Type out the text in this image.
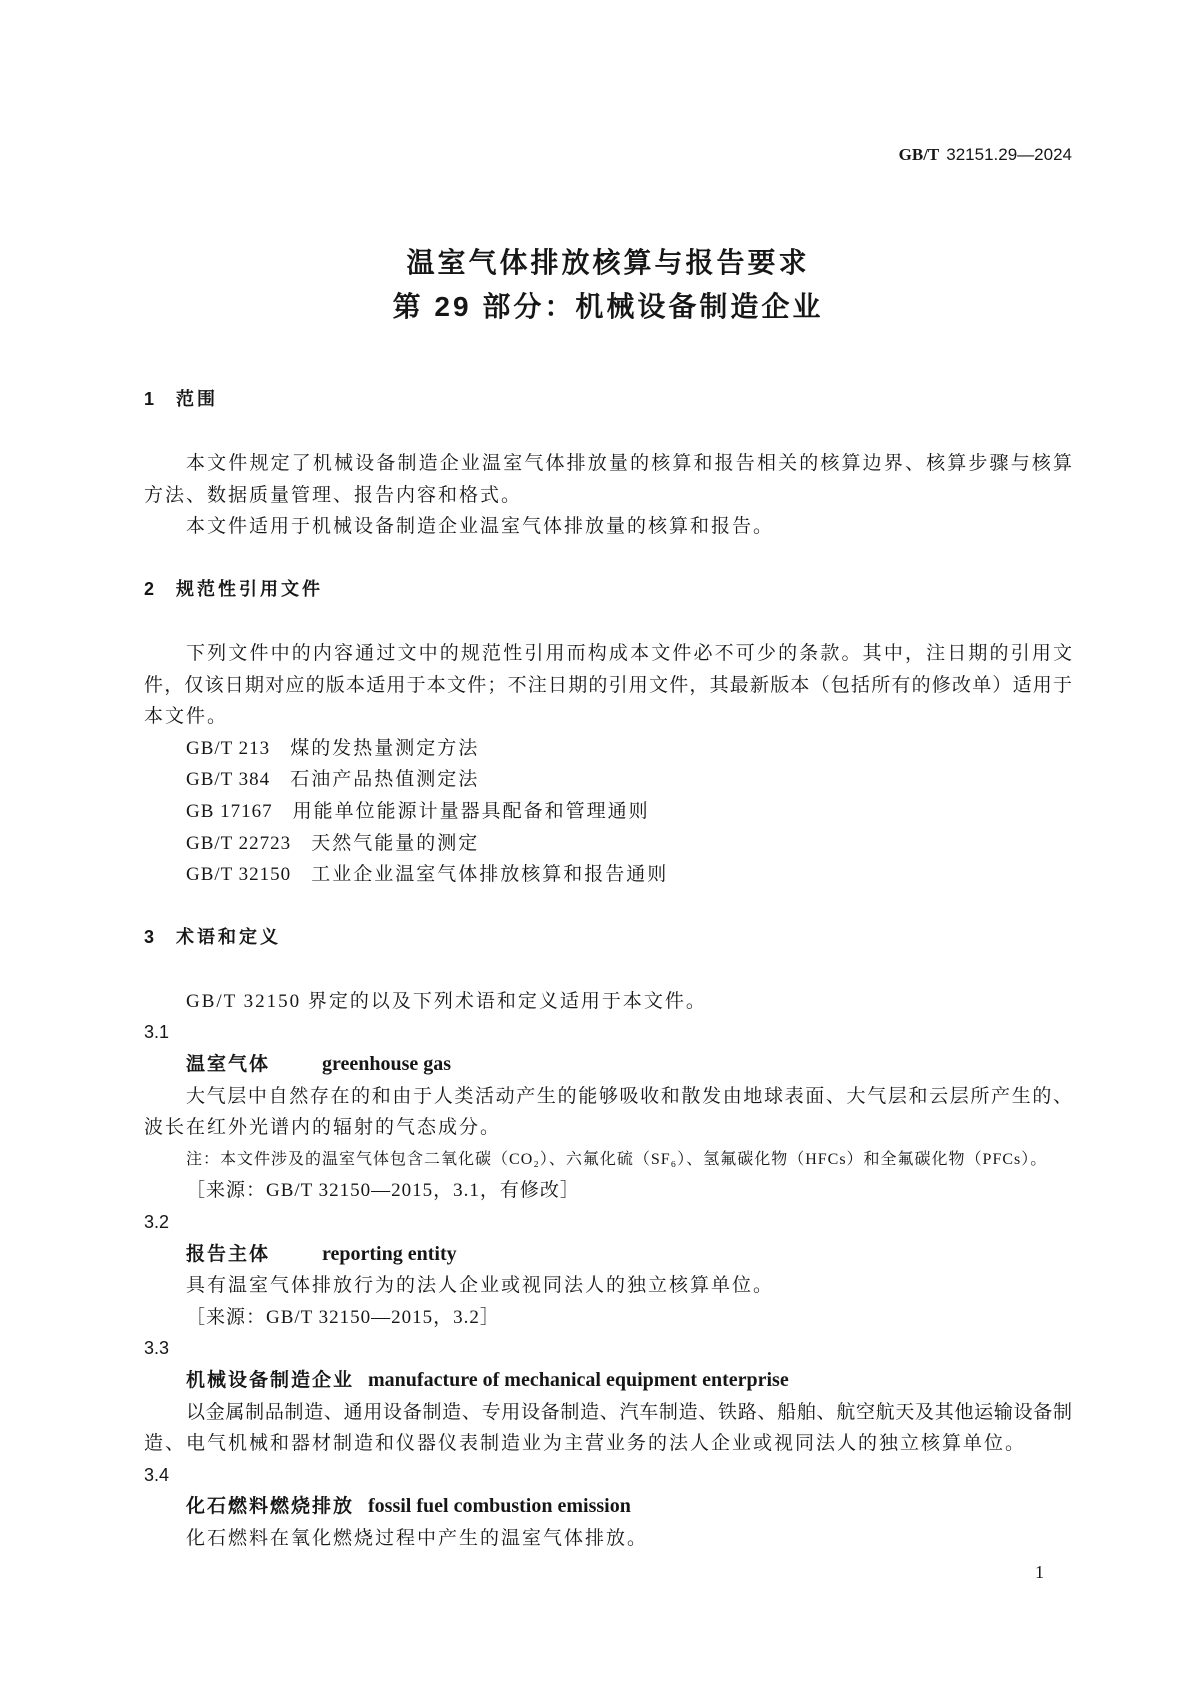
GB/T 32151.29—2024
温室气体排放核算与报告要求
第 29 部分：机械设备制造企业
1 范围
本文件规定了机械设备制造企业温室气体排放量的核算和报告相关的核算边界、核算步骤与核算
方法、数据质量管理、报告内容和格式。
本文件适用于机械设备制造企业温室气体排放量的核算和报告。
2 规范性引用文件
下列文件中的内容通过文中的规范性引用而构成本文件必不可少的条款。其中，注日期的引用文
件，仅该日期对应的版本适用于本文件；不注日期的引用文件，其最新版本（包括所有的修改单）适用于
本文件。
GB/T 213 煤的发热量测定方法
GB/T 384 石油产品热值测定法
GB 17167 用能单位能源计量器具配备和管理通则
GB/T 22723 天然气能量的测定
GB/T 32150 工业企业温室气体排放核算和报告通则
3 术语和定义
GB/T 32150 界定的以及下列术语和定义适用于本文件。
3.1
温室气体	greenhouse gas
大气层中自然存在的和由于人类活动产生的能够吸收和散发由地球表面、大气层和云层所产生的、
波长在红外光谱内的辐射的气态成分。
注：本文件涉及的温室气体包含二氧化碳（CO₂）、六氟化硫（SF₆）、氢氟碳化物（HFCs）和全氟碳化物（PFCs）。
［来源：GB/T 32150—2015，3.1，有修改］
3.2
报告主体	reporting entity
具有温室气体排放行为的法人企业或视同法人的独立核算单位。
［来源：GB/T 32150—2015，3.2］
3.3
机械设备制造企业 manufacture of mechanical equipment enterprise
以金属制品制造、通用设备制造、专用设备制造、汽车制造、铁路、船舶、航空航天及其他运输设备制
造、电气机械和器材制造和仪器仪表制造业为主营业务的法人企业或视同法人的独立核算单位。
3.4
化石燃料燃烧排放 fossil fuel combustion emission
化石燃料在氧化燃烧过程中产生的温室气体排放。
1
